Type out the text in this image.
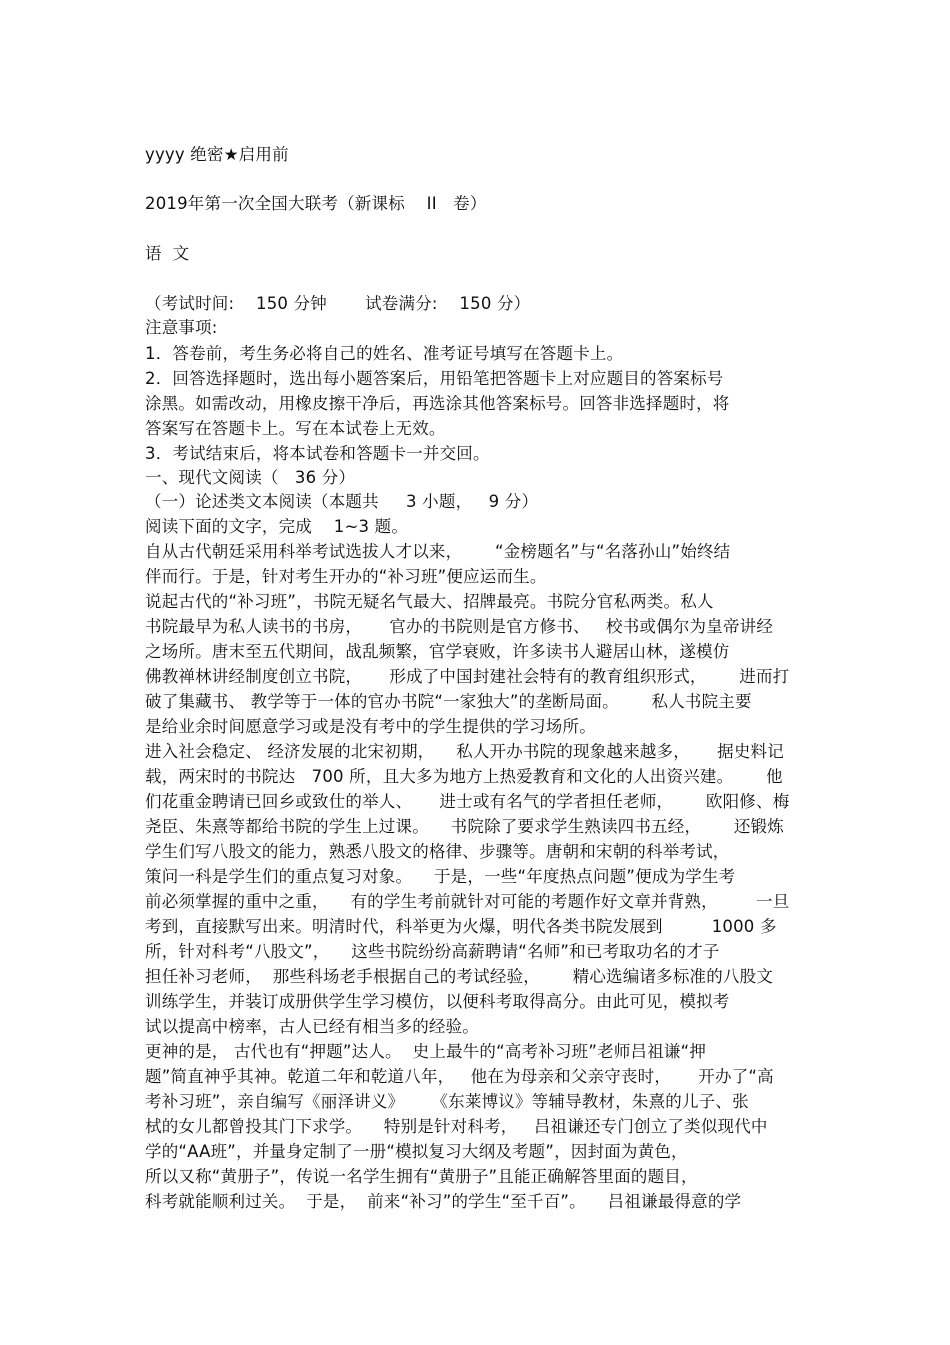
yyyy 绝密★启用前
2019年第一次全国大联考（新课标    II   卷）
语  文
（考试时间:    150 分钟       试卷满分:    150 分）
注意事项:
1．答卷前，考生务必将自己的姓名、准考证号填写在答题卡上。
2．回答选择题时，选出每小题答案后，用铅笔把答题卡上对应题目的答案标号
涂黑。如需改动，用橡皮擦干净后，再选涂其他答案标号。回答非选择题时，将
答案写在答题卡上。写在本试卷上无效。
3．考试结束后，将本试卷和答题卡一并交回。
一、现代文阅读（   36 分）
（一）论述类文本阅读（本题共     3 小题，   9 分）
阅读下面的文字，完成    1~3 题。
自从古代朝廷采用科举考试选拔人才以来，      “金榜题名”与“名落孙山”始终结
伴而行。于是，针对考生开办的“补习班”便应运而生。
说起古代的“补习班”，书院无疑名气最大、招牌最亮。书院分官私两类。私人
书院最早为私人读书的书房，     官办的书院则是官方修书、   校书或偶尔为皇帝讲经
之场所。唐末至五代期间，战乱频繁，官学衰败，许多读书人避居山林，遂模仿
佛教禅林讲经制度创立书院，     形成了中国封建社会特有的教育组织形式，      进而打
破了集藏书、 教学等于一体的官办书院“一家独大”的垄断局面。      私人书院主要
是给业余时间愿意学习或是没有考中的学生提供的学习场所。
进入社会稳定、 经济发展的北宋初期，    私人开办书院的现象越来越多，     据史料记
载，两宋时的书院达   700 所，且大多为地方上热爱教育和文化的人出资兴建。      他
们花重金聘请已回乡或致仕的举人、     进士或有名气的学者担任老师，      欧阳修、梅
尧臣、朱熹等都给书院的学生上过课。    书院除了要求学生熟读四书五经，      还锻炼
学生们写八股文的能力，熟悉八股文的格律、步骤等。唐朝和宋朝的科举考试，
策问一科是学生们的重点复习对象。    于是，一些“年度热点问题”便成为学生考
前必须掌握的重中之重，    有的学生考前就针对可能的考题作好文章并背熟，       一旦
考到，直接默写出来。明清时代，科举更为火爆，明代各类书院发展到         1000 多
所，针对科考“八股文”，    这些书院纷纷高薪聘请“名师”和已考取功名的才子
担任补习老师，  那些科场老手根据自己的考试经验，      精心选编诸多标准的八股文
训练学生，并装订成册供学生学习模仿，以便科考取得高分。由此可见，模拟考
试以提高中榜率，古人已经有相当多的经验。
更神的是， 古代也有“押题”达人。  史上最牛的“高考补习班”老师吕祖谦“押
题”简直神乎其神。乾道二年和乾道八年，   他在为母亲和父亲守丧时，     开办了“高
考补习班”，亲自编写《丽泽讲义》     《东莱博议》等辅导教材，朱熹的儿子、张
栻的女儿都曾投其门下求学。    特别是针对科考，   吕祖谦还专门创立了类似现代中
学的“AA班”，并量身定制了一册“模拟复习大纲及考题”，因封面为黄色，
所以又称“黄册子”，传说一名学生拥有“黄册子”且能正确解答里面的题目，
科考就能顺利过关。  于是，  前来“补习”的学生“至千百”。    吕祖谦最得意的学
